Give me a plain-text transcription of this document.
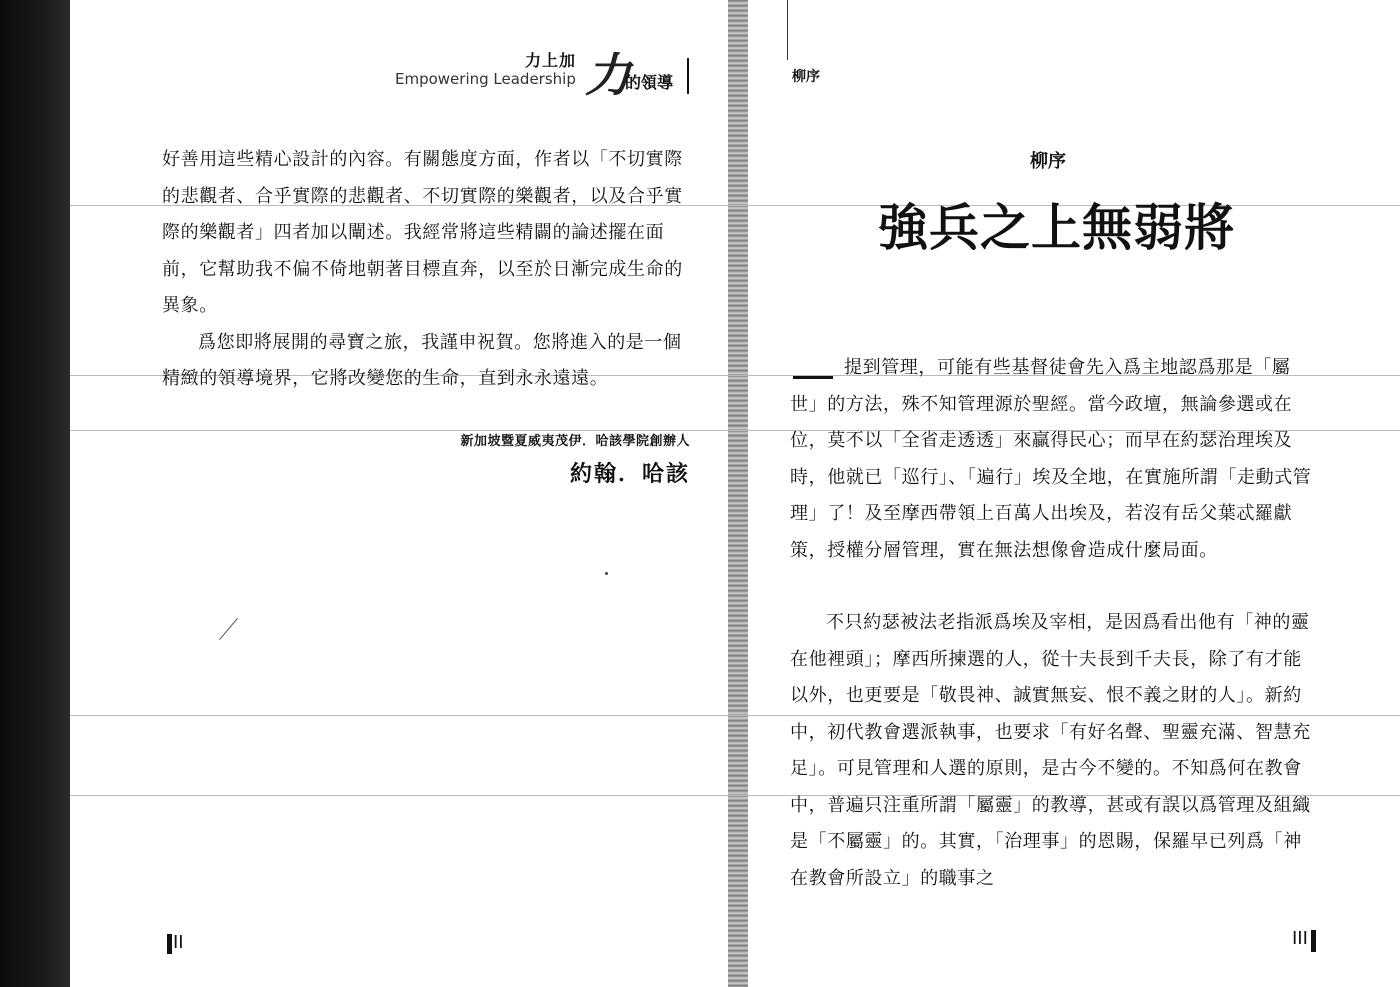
力上加
Empowering Leadership 力
的領導

好善用這些精心設計的內容。有關態度方面，作者以「不切實際的悲觀者、合乎實際的悲觀者、不切實際的樂觀者，以及合乎實際的樂觀者」四者加以闡述。我經常將這些精闢的論述擺在面前，它幫助我不偏不倚地朝著目標直奔，以至於日漸完成生命的異象。

爲您即將展開的尋寶之旅，我謹申祝賀。您將進入的是一個精緻的領導境界，它將改變您的生命，直到永永遠遠。

新加坡暨夏威夷茂伊．哈該學院創辦人
約翰．哈該
II
柳序
柳序
強兵之上無弱將

提到管理，可能有些基督徒會先入爲主地認爲那是「屬世」的方法，殊不知管理源於聖經。當今政壇，無論參選或在位，莫不以「全省走透透」來贏得民心；而早在約瑟治理埃及時，他就已「巡行」、「遍行」埃及全地，在實施所謂「走動式管理」了！及至摩西帶領上百萬人出埃及，若沒有岳父葉忒羅獻策，授權分層管理，實在無法想像會造成什麼局面。

不只約瑟被法老指派爲埃及宰相，是因爲看出他有「神的靈在他裡頭」；摩西所揀選的人，從十夫長到千夫長，除了有才能以外，也更要是「敬畏神、誠實無妄、恨不義之財的人」。新約中，初代教會選派執事，也要求「有好名聲、聖靈充滿、智慧充足」。可見管理和人選的原則，是古今不變的。不知爲何在教會中，普遍只注重所謂「屬靈」的教導，甚或有誤以爲管理及組織是「不屬靈」的。其實，「治理事」的恩賜，保羅早已列爲「神在教會所設立」的職事之

III
